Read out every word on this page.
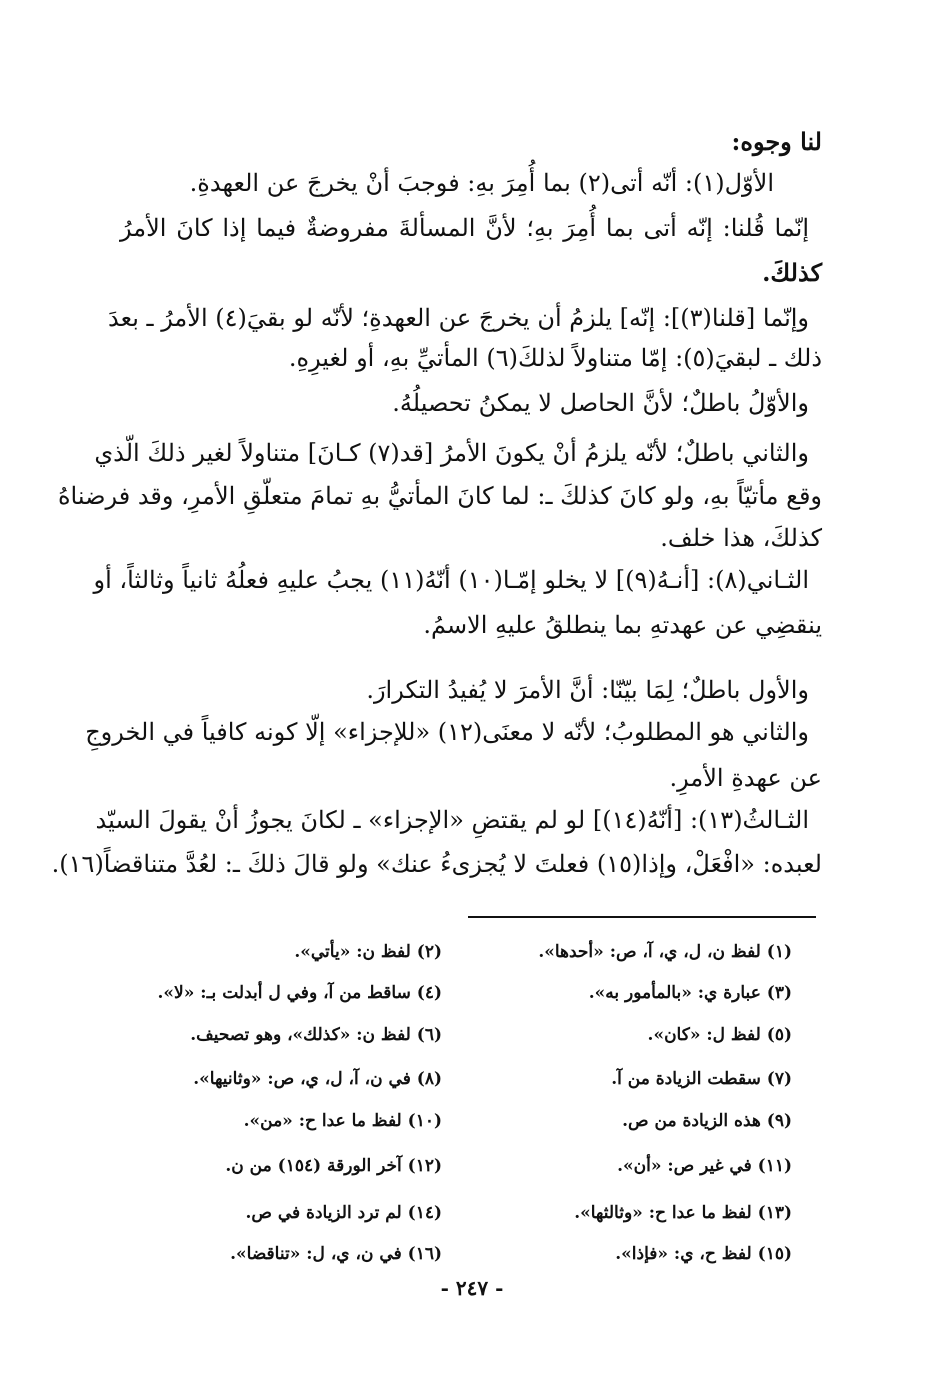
لنا وجوه:
الأوّل(١): أنّه أتى(٢) بما أُمِرَ بهِ: فوجبَ أنْ يخرجَ عن العهدةِ.
إنّما قُلنا: إنّه أتى بما أُمِرَ بهِ؛ لأنَّ المسألةَ مفروضةٌ فيما إذا كانَ الأمرُ
كذلكَ.
وإنّما [قلنا(٣)]: إنّه] يلزمُ أن يخرجَ عن العهدةِ؛ لأنّه لو بقيَ(٤) الأمرُ ـ بعدَ
ذلك ـ لبقيَ(٥): إمّا متناولاً لذلكَ(٦) المأتيِّ بهِ، أو لغيرِهِ.
والأوّلُ باطلٌ؛ لأنَّ الحاصل لا يمكنُ تحصيلُهُ.
والثاني باطلٌ؛ لأنّه يلزمُ أنْ يكونَ الأمرُ [قد(٧) كـانَ] متناولاً لغير ذلكَ الّذي
وقع مأتيّاً بهِ، ولو كانَ كذلكَ ـ: لما كانَ المأتيُّ بهِ تمامَ متعلّقِ الأمرِ، وقد فرضناهُ
كذلكَ، هذا خلف.
الثـاني(٨): [أنـهُ(٩)] لا يخلو إمّـا(١٠) أنّهُ(١١) يجبُ عليهِ فعلُهُ ثانياً وثالثاً، أو
ينقضِي عن عهدتهِ بما ينطلقُ عليهِ الاسمُ.
والأول باطلٌ؛ لِمَا بيّنّا: أنَّ الأمرَ لا يُفيدُ التكرارَ.
والثاني هو المطلوبُ؛ لأنّه لا معنَى(١٢) «للإجزاء» إلّا كونه كافياً في الخروجِ
عن عهدةِ الأمرِ.
الثـالثُ(١٣): [أنّهُ(١٤)] لو لم يقتضِ «الإجزاء» ـ لكانَ يجوزُ أنْ يقولَ السيّد
لعبده: «افْعَلْ، وإذا(١٥) فعلتَ لا يُجزىءُ عنك» ولو قالَ ذلكَ ـ: لعُدَّ متناقضاً(١٦).
(١) لفظ ن، ل، ي، آ، ص: «أحدها».
(٢) لفظ ن: «يأتي».
(٣) عبارة ي: «بالمأمور به».
(٤) ساقط من آ، وفي ل أبدلت بـ: «لا».
(٥) لفظ ل: «كان».
(٦) لفظ ن: «كذلك»، وهو تصحيف.
(٧) سقطت الزيادة من آ.
(٨) في ن، آ، ل، ي، ص: «وثانيها».
(٩) هذه الزيادة من ص.
(١٠) لفظ ما عدا ح: «من».
(١١) في غير ص: «أن».
(١٢) آخر الورقة (١٥٤) من ن.
(١٣) لفظ ما عدا ح: «وثالثها».
(١٤) لم ترد الزيادة في ص.
(١٥) لفظ ح، ي: «فإذا».
(١٦) في ن، ي، ل: «تناقضا».
- ٢٤٧ -
